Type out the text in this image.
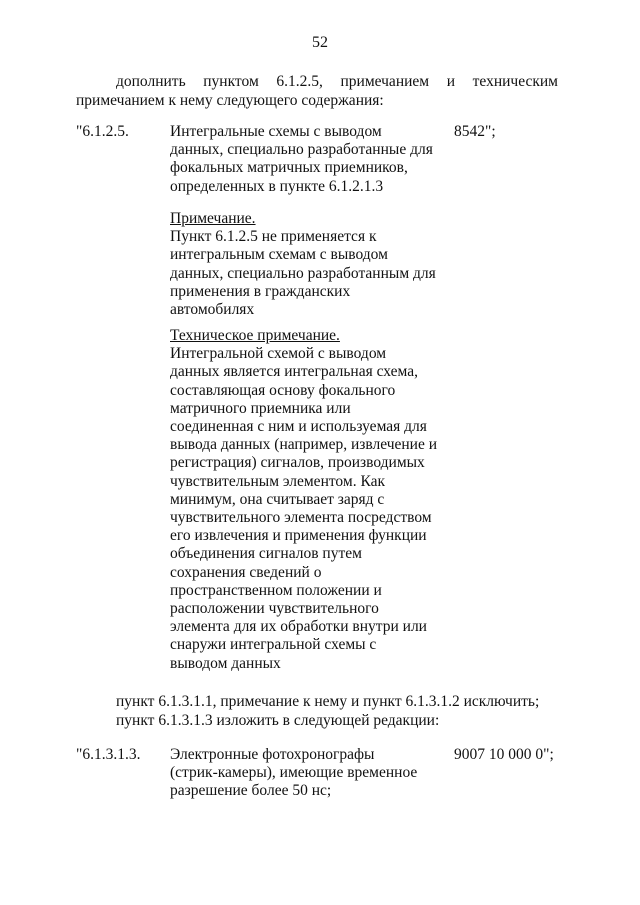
52
дополнить пунктом 6.1.2.5, примечанием и техническим
примечанием к нему следующего содержания:
"6.1.2.5.	8542";
Интегральные схемы с выводом
данных, специально разработанные для
фокальных матричных приемников,
определенных в пункте 6.1.2.1.3
Примечание.
Пункт 6.1.2.5 не применяется к
интегральным схемам с выводом
данных, специально разработанным для
применения в гражданских
автомобилях
Техническое примечание.
Интегральной схемой с выводом
данных является интегральная схема,
составляющая основу фокального
матричного приемника или
соединенная с ним и используемая для
вывода данных (например, извлечение и
регистрация) сигналов, производимых
чувствительным элементом. Как
минимум, она считывает заряд с
чувствительного элемента посредством
его извлечения и применения функции
объединения сигналов путем
сохранения сведений о
пространственном положении и
расположении чувствительного
элемента для их обработки внутри или
снаружи интегральной схемы с
выводом данных
пункт 6.1.3.1.1, примечание к нему и пункт 6.1.3.1.2 исключить;
пункт 6.1.3.1.3 изложить в следующей редакции:
"6.1.3.1.3.	9007 10 000 0";
Электронные фотохронографы
(стрик-камеры), имеющие временное
разрешение более 50 нс;
